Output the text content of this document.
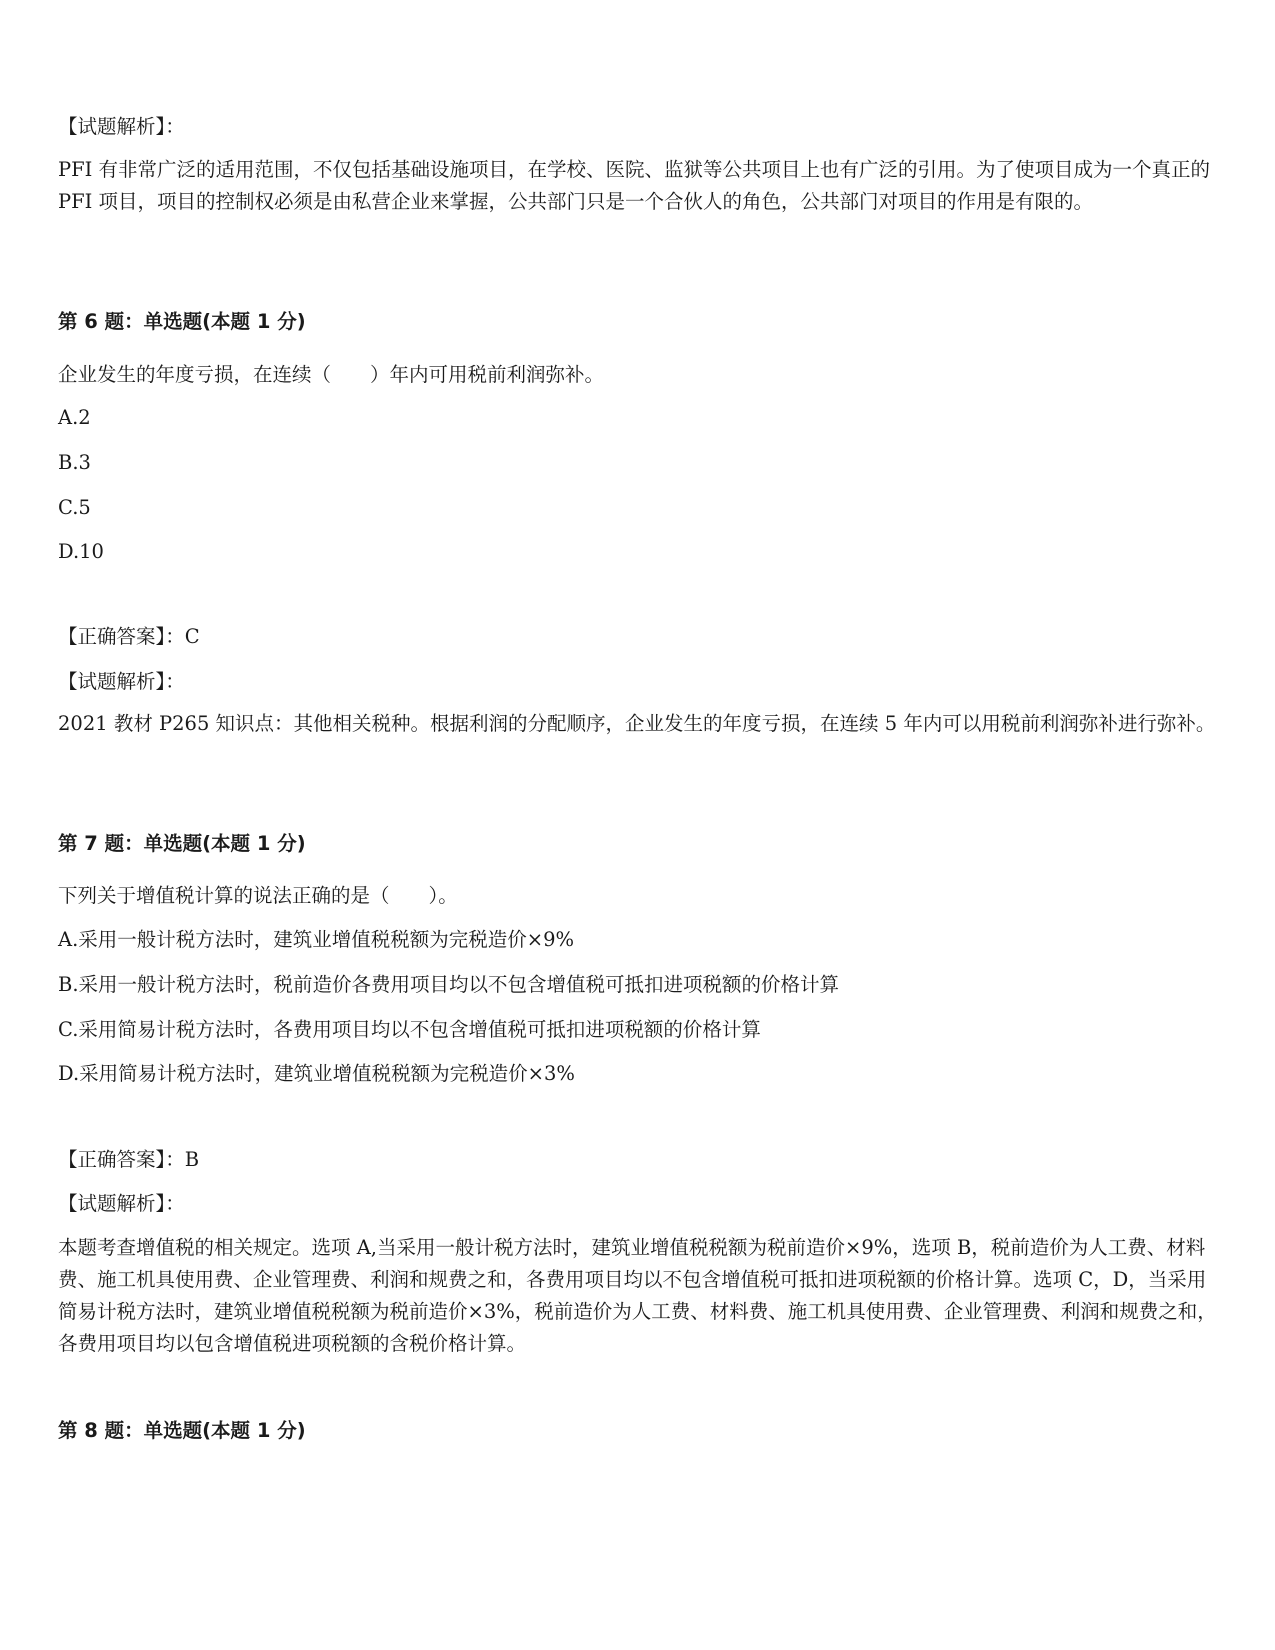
【试题解析】：
PFI 有非常广泛的适用范围，不仅包括基础设施项目，在学校、医院、监狱等公共项目上也有广泛的引用。为了使项目成为一个真正的 PFI 项目，项目的控制权必须是由私营企业来掌握，公共部门只是一个合伙人的角色，公共部门对项目的作用是有限的。
第 6 题：单选题(本题 1 分)
企业发生的年度亏损，在连续（　　）年内可用税前利润弥补。
A.2
B.3
C.5
D.10
【正确答案】：C
【试题解析】：
2021 教材 P265 知识点：其他相关税种。根据利润的分配顺序，企业发生的年度亏损，在连续 5 年内可以用税前利润弥补进行弥补。
第 7 题：单选题(本题 1 分)
下列关于增值税计算的说法正确的是（　　）。
A.采用一般计税方法时，建筑业增值税税额为完税造价×9%
B.采用一般计税方法时，税前造价各费用项目均以不包含增值税可抵扣进项税额的价格计算
C.采用简易计税方法时，各费用项目均以不包含增值税可抵扣进项税额的价格计算
D.采用简易计税方法时，建筑业增值税税额为完税造价×3%
【正确答案】：B
【试题解析】：
本题考查增值税的相关规定。选项 A,当采用一般计税方法时，建筑业增值税税额为税前造价×9%，选项 B，税前造价为人工费、材料费、施工机具使用费、企业管理费、利润和规费之和，各费用项目均以不包含增值税可抵扣进项税额的价格计算。选项 C，D，当采用简易计税方法时，建筑业增值税税额为税前造价×3%，税前造价为人工费、材料费、施工机具使用费、企业管理费、利润和规费之和，各费用项目均以包含增值税进项税额的含税价格计算。
第 8 题：单选题(本题 1 分)
